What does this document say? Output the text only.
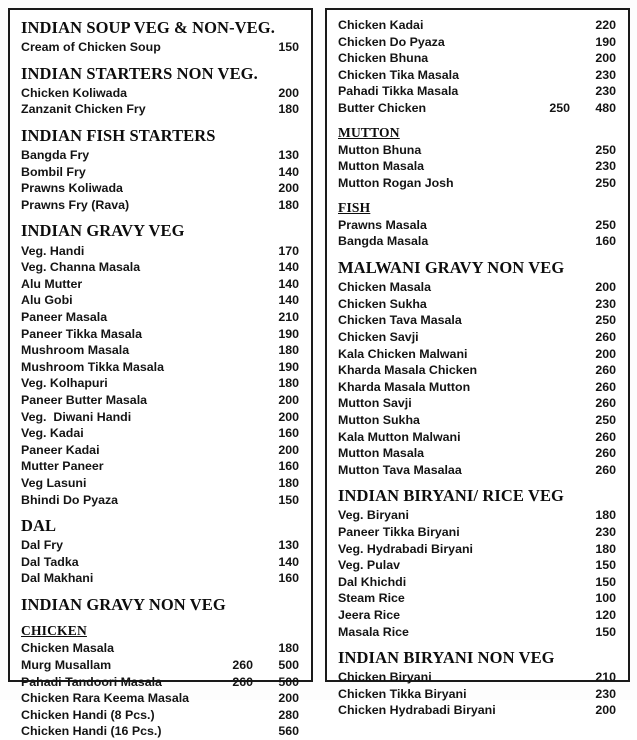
INDIAN SOUP VEG & NON-VEG.
Cream of Chicken Soup	150
INDIAN STARTERS NON VEG.
Chicken Koliwada	200
Zanzanit Chicken Fry	180
INDIAN FISH STARTERS
Bangda Fry	130
Bombil Fry	140
Prawns Koliwada	200
Prawns Fry (Rava)	180
INDIAN GRAVY VEG
Veg. Handi	170
Veg. Channa Masala	140
Alu Mutter	140
Alu Gobi	140
Paneer Masala	210
Paneer Tikka Masala	190
Mushroom Masala	180
Mushroom Tikka Masala	190
Veg. Kolhapuri	180
Paneer Butter Masala	200
Veg.  Diwani Handi	200
Veg. Kadai	160
Paneer Kadai	200
Mutter Paneer	160
Veg Lasuni	180
Bhindi Do Pyaza	150
DAL
Dal Fry	130
Dal Tadka	140
Dal Makhani	160
INDIAN GRAVY NON VEG
CHICKEN
Chicken Masala	180
Murg Musallam	260	500
Pahadi Tandoori Masala	260	500
Chicken Rara Keema Masala	200
Chicken Handi (8 Pcs.)	280
Chicken Handi (16 Pcs.)	560
Chicken Kadai	220
Chicken Do Pyaza	190
Chicken Bhuna	200
Chicken Tika Masala	230
Pahadi Tikka Masala	230
Butter Chicken	250	480
MUTTON
Mutton Bhuna	250
Mutton Masala	230
Mutton Rogan Josh	250
FISH
Prawns Masala	250
Bangda Masala	160
MALWANI GRAVY NON VEG
Chicken Masala	200
Chicken Sukha	230
Chicken Tava Masala	250
Chicken Savji	260
Kala Chicken Malwani	200
Kharda Masala Chicken	260
Kharda Masala Mutton	260
Mutton Savji	260
Mutton Sukha	250
Kala Mutton Malwani	260
Mutton Masala	260
Mutton Tava Masalaa	260
INDIAN BIRYANI/ RICE VEG
Veg. Biryani	180
Paneer Tikka Biryani	230
Veg. Hydrabadi Biryani	180
Veg. Pulav	150
Dal Khichdi	150
Steam Rice	100
Jeera Rice	120
Masala Rice	150
INDIAN BIRYANI NON VEG
Chicken Biryani	210
Chicken Tikka Biryani	230
Chicken Hydrabadi Biryani	200
